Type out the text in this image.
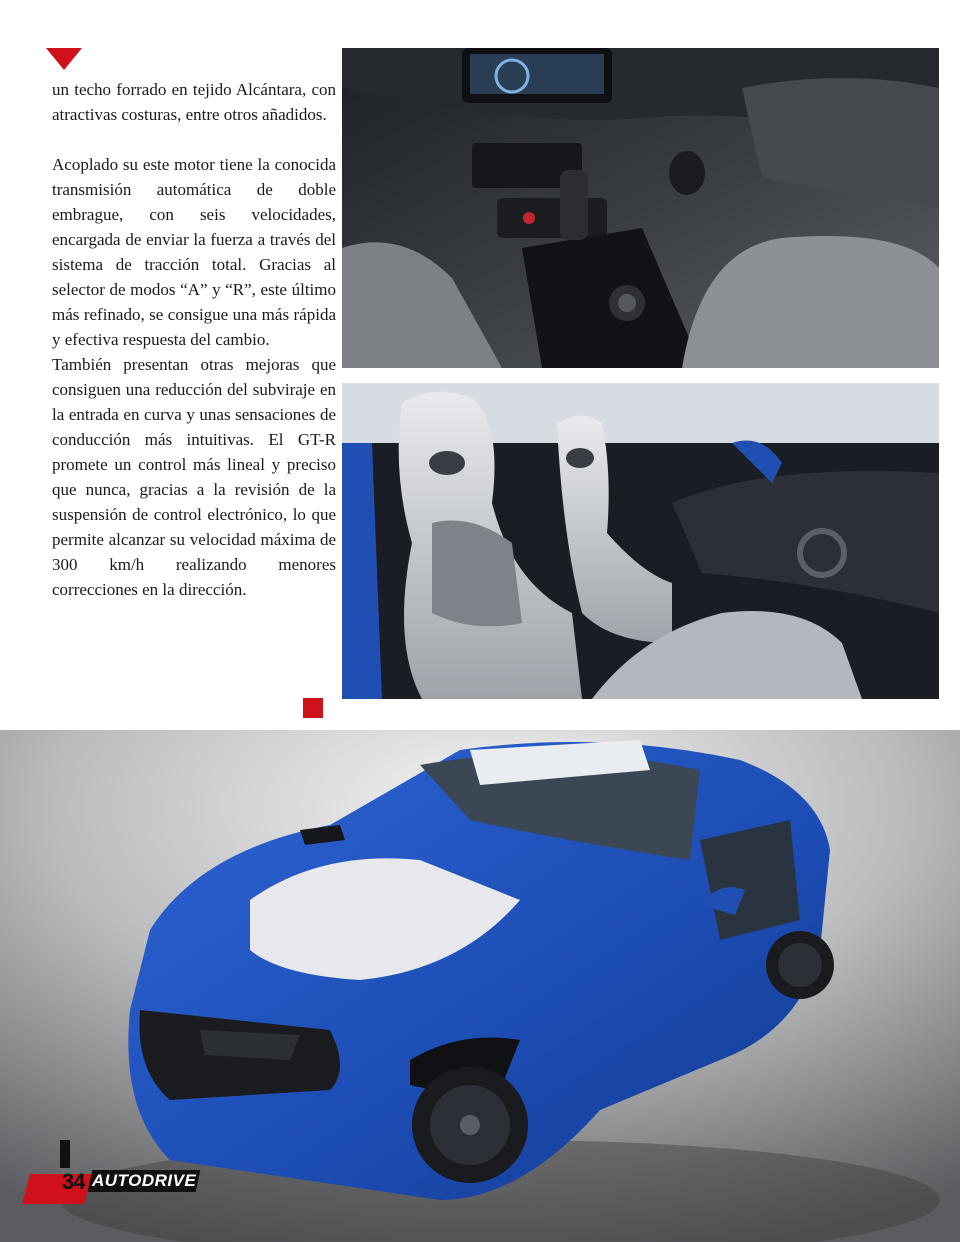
un techo forrado en tejido Alcántara, con atractivas costuras, entre otros añadidos.

Acoplado su este motor tiene la conocida transmisión automática de doble embrague, con seis velocidades, encargada de enviar la fuerza a través del sistema de tracción total. Gracias al selector de modos “A” y “R”, este último más refinado, se consigue una más rápida y efectiva respuesta del cambio.

También presentan otras mejoras que consiguen una reducción del subviraje en la entrada en curva y unas sensaciones de conducción más intuitivas. El GT-R promete un control más lineal y preciso que nunca, gracias a la revisión de la suspensión de control electrónico, lo que permite alcanzar su velocidad máxima de 300 km/h realizando menores correcciones en la dirección.

34 AUTODRIVE
